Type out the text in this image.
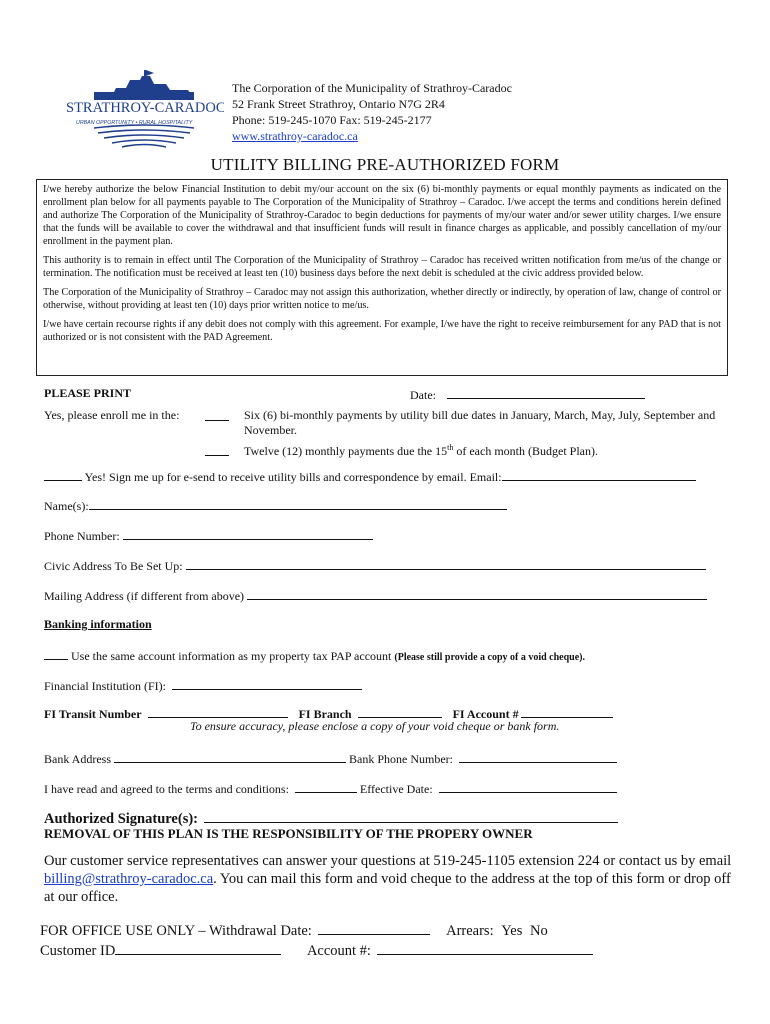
STRATHROY-CARADOC
URBAN OPPORTUNITY • RURAL HOSPITALITY
The Corporation of the Municipality of Strathroy-Caradoc
52 Frank Street Strathroy, Ontario N7G 2R4
Phone: 519-245-1070 Fax: 519-245-2177
www.strathroy-caradoc.ca
UTILITY BILLING PRE-AUTHORIZED FORM

I/we hereby authorize the below Financial Institution to debit my/our account on the six (6) bi-monthly payments or equal monthly payments as indicated on the enrollment plan below for all payments payable to The Corporation of the Municipality of Strathroy – Caradoc. I/we accept the terms and conditions herein defined and authorize The Corporation of the Municipality of Strathroy-Caradoc to begin deductions for payments of my/our water and/or sewer utility charges. I/we ensure that the funds will be available to cover the withdrawal and that insufficient funds will result in finance charges as applicable, and possibly cancellation of my/our enrollment in the payment plan.

This authority is to remain in effect until The Corporation of the Municipality of Strathroy – Caradoc has received written notification from me/us of the change or termination. The notification must be received at least ten (10) business days before the next debit is scheduled at the civic address provided below.

The Corporation of the Municipality of Strathroy – Caradoc may not assign this authorization, whether directly or indirectly, by operation of law, change of control or otherwise, without providing at least ten (10) days prior written notice to me/us.

I/we have certain recourse rights if any debit does not comply with this agreement. For example, I/we have the right to receive reimbursement for any PAD that is not authorized or is not consistent with the PAD Agreement.

PLEASE PRINT	Date:
Yes, please enroll me in the:	Six (6) bi-monthly payments by utility bill due dates in January, March, May, July, September and November.
Twelve (12) monthly payments due the 15th of each month (Budget Plan).
Yes! Sign me up for e-send to receive utility bills and correspondence by email. Email:
Name(s):
Phone Number:
Civic Address To Be Set Up:
Mailing Address (if different from above)
Banking information
Use the same account information as my property tax PAP account (Please still provide a copy of a void cheque).
Financial Institution (FI):
FI Transit Number	FI Branch	FI Account #
To ensure accuracy, please enclose a copy of your void cheque or bank form.
Bank Address	Bank Phone Number:
I have read and agreed to the terms and conditions:	Effective Date:
Authorized Signature(s):
REMOVAL OF THIS PLAN IS THE RESPONSIBILITY OF THE PROPERY OWNER
Our customer service representatives can answer your questions at 519-245-1105 extension 224 or contact us by email billing@strathroy-caradoc.ca. You can mail this form and void cheque to the address at the top of this form or drop off at our office.
FOR OFFICE USE ONLY – Withdrawal Date:	Arrears: Yes No
Customer ID	Account #:
